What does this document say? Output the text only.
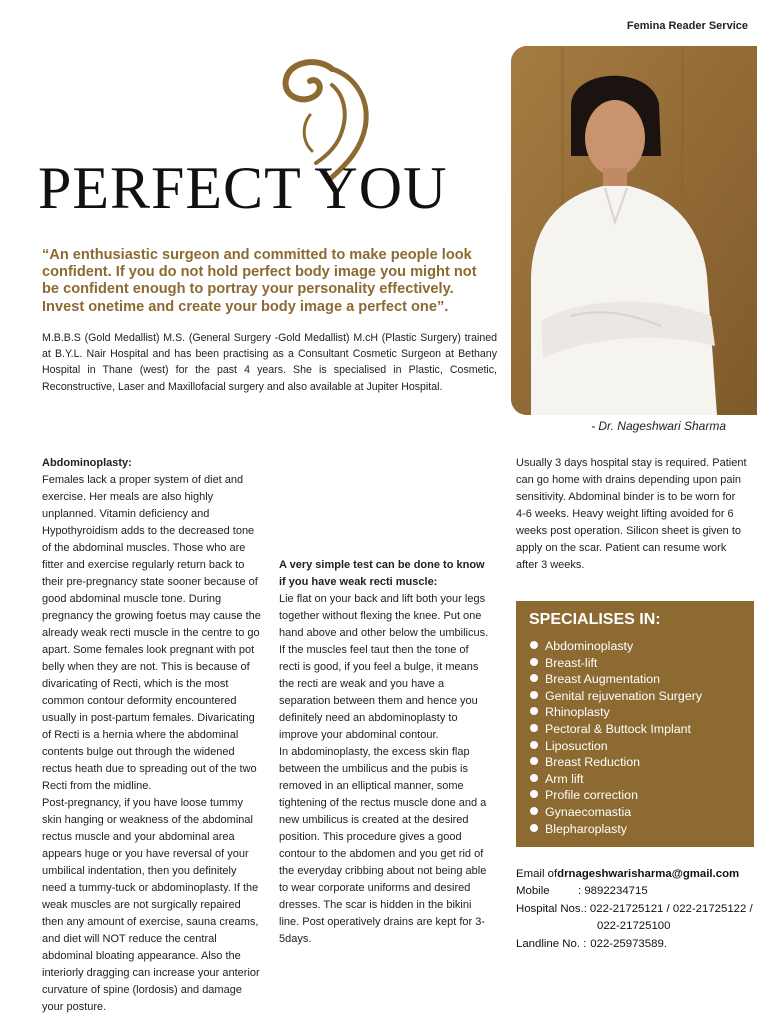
Femina Reader Service
PERFECT YOU
- Dr. Nageshwari Sharma
“An enthusiastic surgeon and committed to make people look confident. If you do not hold perfect body image you might not be confident enough to portray your personality effectively. Invest onetime and create your body image a perfect one”.
M.B.B.S (Gold Medallist) M.S. (General Surgery -Gold Medallist) M.cH (Plastic Surgery) trained at B.Y.L. Nair Hospital and has been practising as a Consultant Cosmetic Surgeon at Bethany Hospital in Thane (west) for the past 4 years. She is specialised in Plastic, Cosmetic, Reconstructive, Laser and Maxillofacial surgery and also available at Jupiter Hospital.

Abdominoplasty:

Females lack a proper system of diet and exercise. Her meals are also highly unplanned. Vitamin deficiency and Hypothyroidism adds to the decreased tone of the abdominal muscles. Those who are fitter and exercise regularly return back to their pre-pregnancy state sooner because of good abdominal muscle tone. During pregnancy the growing foetus may cause the already weak recti muscle in the centre to go apart. Some females look pregnant with pot belly when they are not. This is because of divaricating of Recti, which is the most common contour deformity encountered usually in post-partum females. Divaricating of Recti is a hernia where the abdominal contents bulge out through the widened rectus heath due to spreading out of the two Recti from the midline.

Post-pregnancy, if you have loose tummy skin hanging or weakness of the abdominal rectus muscle and your abdominal area appears huge or you have reversal of your umbilical indentation, then you definitely need a tummy-tuck or abdominoplasty. If the weak muscles are not surgically repaired then any amount of exercise, sauna creams, and diet will NOT reduce the central abdominal bloating appearance. Also the interiorly dragging can increase your anterior curvature of spine (lordosis) and damage your posture.

A very simple test can be done to know if you have weak recti muscle:

Lie flat on your back and lift both your legs together without flexing the knee. Put one hand above and other below the umbilicus. If the muscles feel taut then the tone of recti is good, if you feel a bulge, it means the recti are weak and you have a separation between them and hence you definitely need an abdominoplasty to improve your abdominal contour.

In abdominoplasty, the excess skin flap between the umbilicus and the pubis is removed in an elliptical manner, some tightening of the rectus muscle done and a new umbilicus is created at the desired position. This procedure gives a good contour to the abdomen and you get rid of the everyday cribbing about not being able to wear corporate uniforms and desired dresses. The scar is hidden in the bikini line. Post operatively drains are kept for 3-5days.

Usually 3 days hospital stay is required. Patient can go home with drains depending upon pain sensitivity. Abdominal binder is to be worn for 4-6 weeks. Heavy weight lifting avoided for 6 weeks post operation. Silicon sheet is given to apply on the scar. Patient can resume work after 3 weeks.

SPECIALISES IN:
Abdominoplasty
Breast-lift
Breast Augmentation
Genital rejuvenation Surgery
Rhinoplasty
Pectoral & Buttock Implant
Liposuction
Breast Reduction
Arm lift
Profile correction
Gynaecomastia
Blepharoplasty
Email of drnageshwarisharma@gmail.com
Mobile	: 9892234715
Hospital Nos.: 022-21725121 / 022-21725122 /
022-21725100
Landline No. : 022-25973589.
